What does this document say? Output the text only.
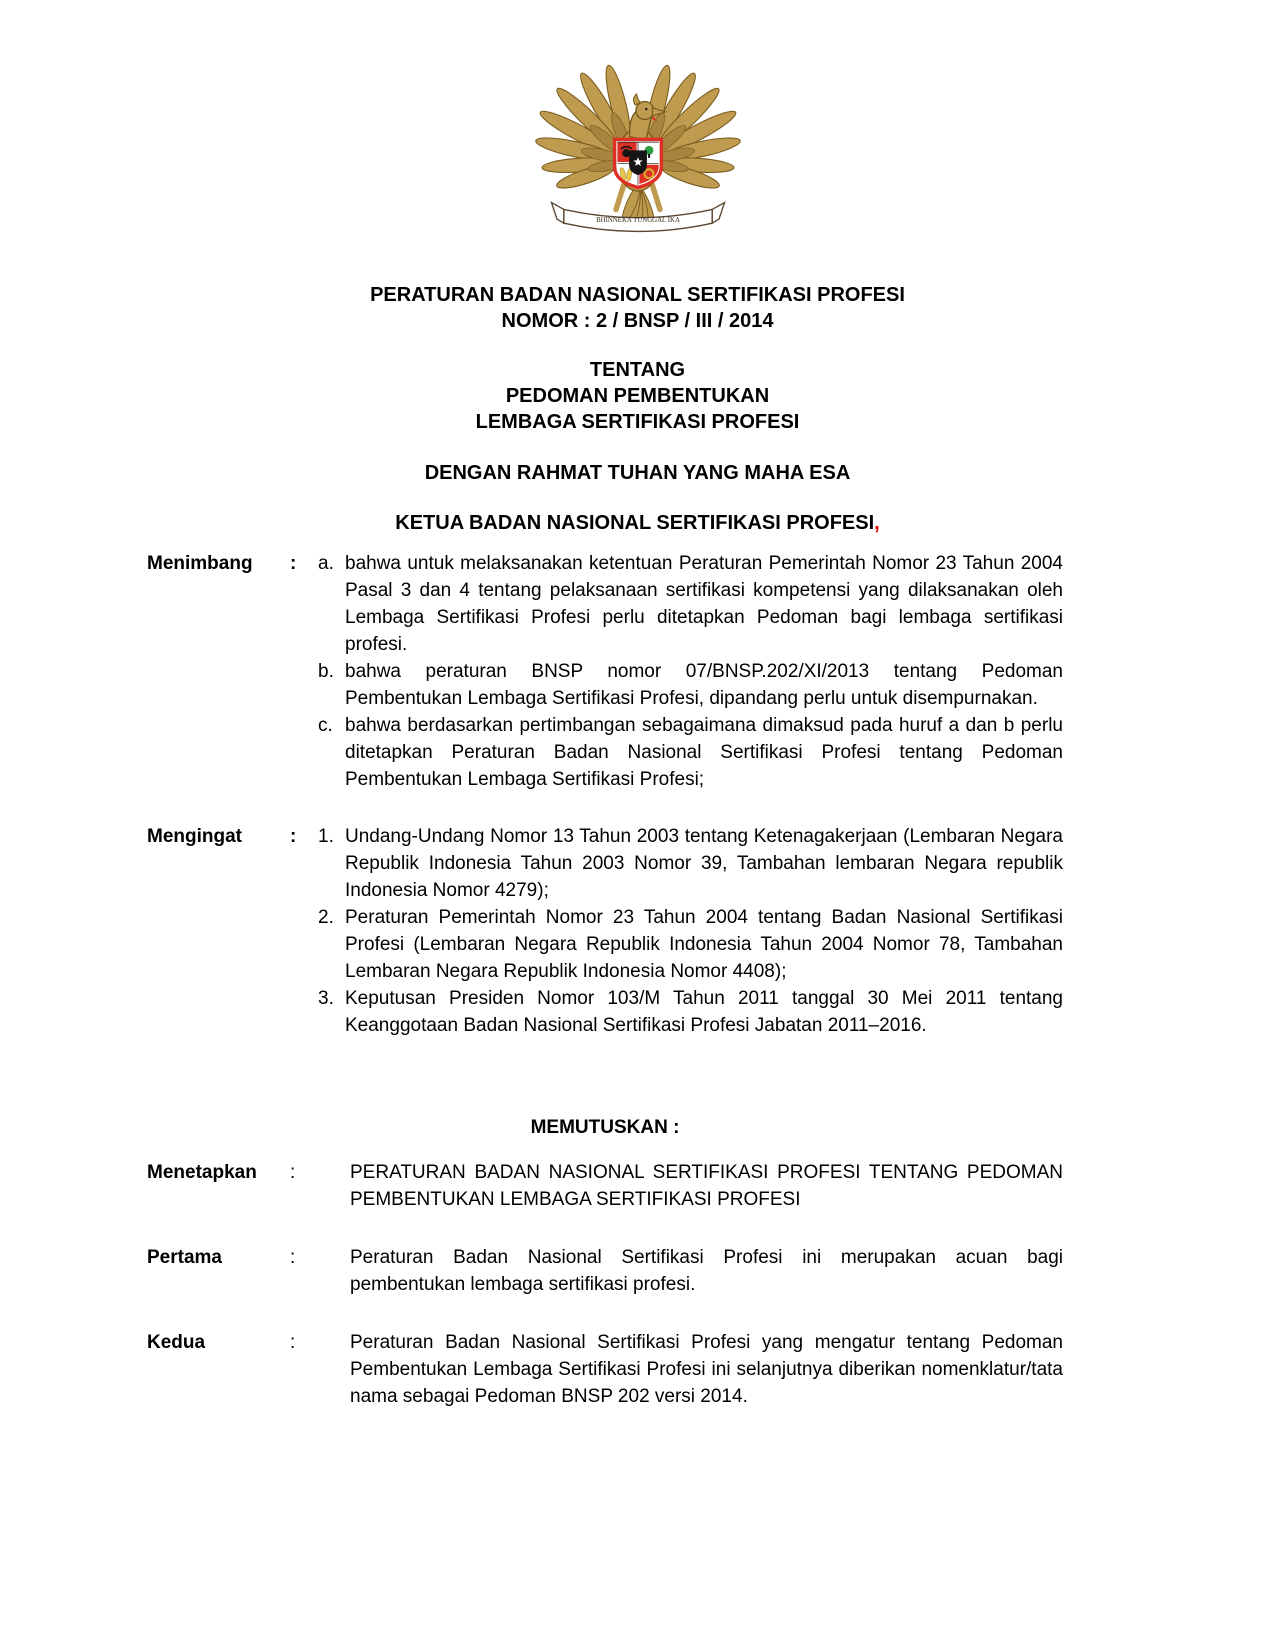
BHINNEKA TUNGGAL IKA
PERATURAN BADAN NASIONAL SERTIFIKASI PROFESI
NOMOR : 2 / BNSP / III / 2014
TENTANG
PEDOMAN PEMBENTUKAN
LEMBAGA SERTIFIKASI PROFESI
DENGAN RAHMAT TUHAN YANG MAHA ESA
KETUA BADAN NASIONAL SERTIFIKASI PROFESI,
Menimbang	:	a. bahwa untuk melaksanakan ketentuan Peraturan Pemerintah Nomor 23 Tahun 2004 Pasal 3 dan 4 tentang pelaksanaan sertifikasi kompetensi yang dilaksanakan oleh Lembaga Sertifikasi Profesi perlu ditetapkan Pedoman bagi lembaga sertifikasi profesi.
b. bahwa peraturan BNSP nomor 07/BNSP.202/XI/2013 tentang Pedoman Pembentukan Lembaga Sertifikasi Profesi, dipandang perlu untuk disempurnakan.
c. bahwa berdasarkan pertimbangan sebagaimana dimaksud pada huruf a dan b perlu ditetapkan Peraturan Badan Nasional Sertifikasi Profesi tentang Pedoman Pembentukan Lembaga Sertifikasi Profesi;
Mengingat	:	1. Undang-Undang Nomor 13 Tahun 2003 tentang Ketenagakerjaan (Lembaran Negara Republik Indonesia Tahun 2003 Nomor 39, Tambahan lembaran Negara republik Indonesia Nomor 4279);
2. Peraturan Pemerintah Nomor 23 Tahun 2004 tentang Badan Nasional Sertifikasi Profesi (Lembaran Negara Republik Indonesia Tahun 2004 Nomor 78, Tambahan Lembaran Negara Republik Indonesia Nomor 4408);
3. Keputusan Presiden Nomor 103/M Tahun 2011 tanggal 30 Mei 2011 tentang Keanggotaan Badan Nasional Sertifikasi Profesi Jabatan 2011–2016.
MEMUTUSKAN :
Menetapkan	:	PERATURAN BADAN NASIONAL SERTIFIKASI PROFESI TENTANG PEDOMAN PEMBENTUKAN LEMBAGA SERTIFIKASI PROFESI
Pertama	:	Peraturan Badan Nasional Sertifikasi Profesi ini merupakan acuan bagi pembentukan lembaga sertifikasi profesi.
Kedua	:	Peraturan Badan Nasional Sertifikasi Profesi yang mengatur tentang Pedoman Pembentukan Lembaga Sertifikasi Profesi ini selanjutnya diberikan nomenklatur/tata nama sebagai Pedoman BNSP 202 versi 2014.
